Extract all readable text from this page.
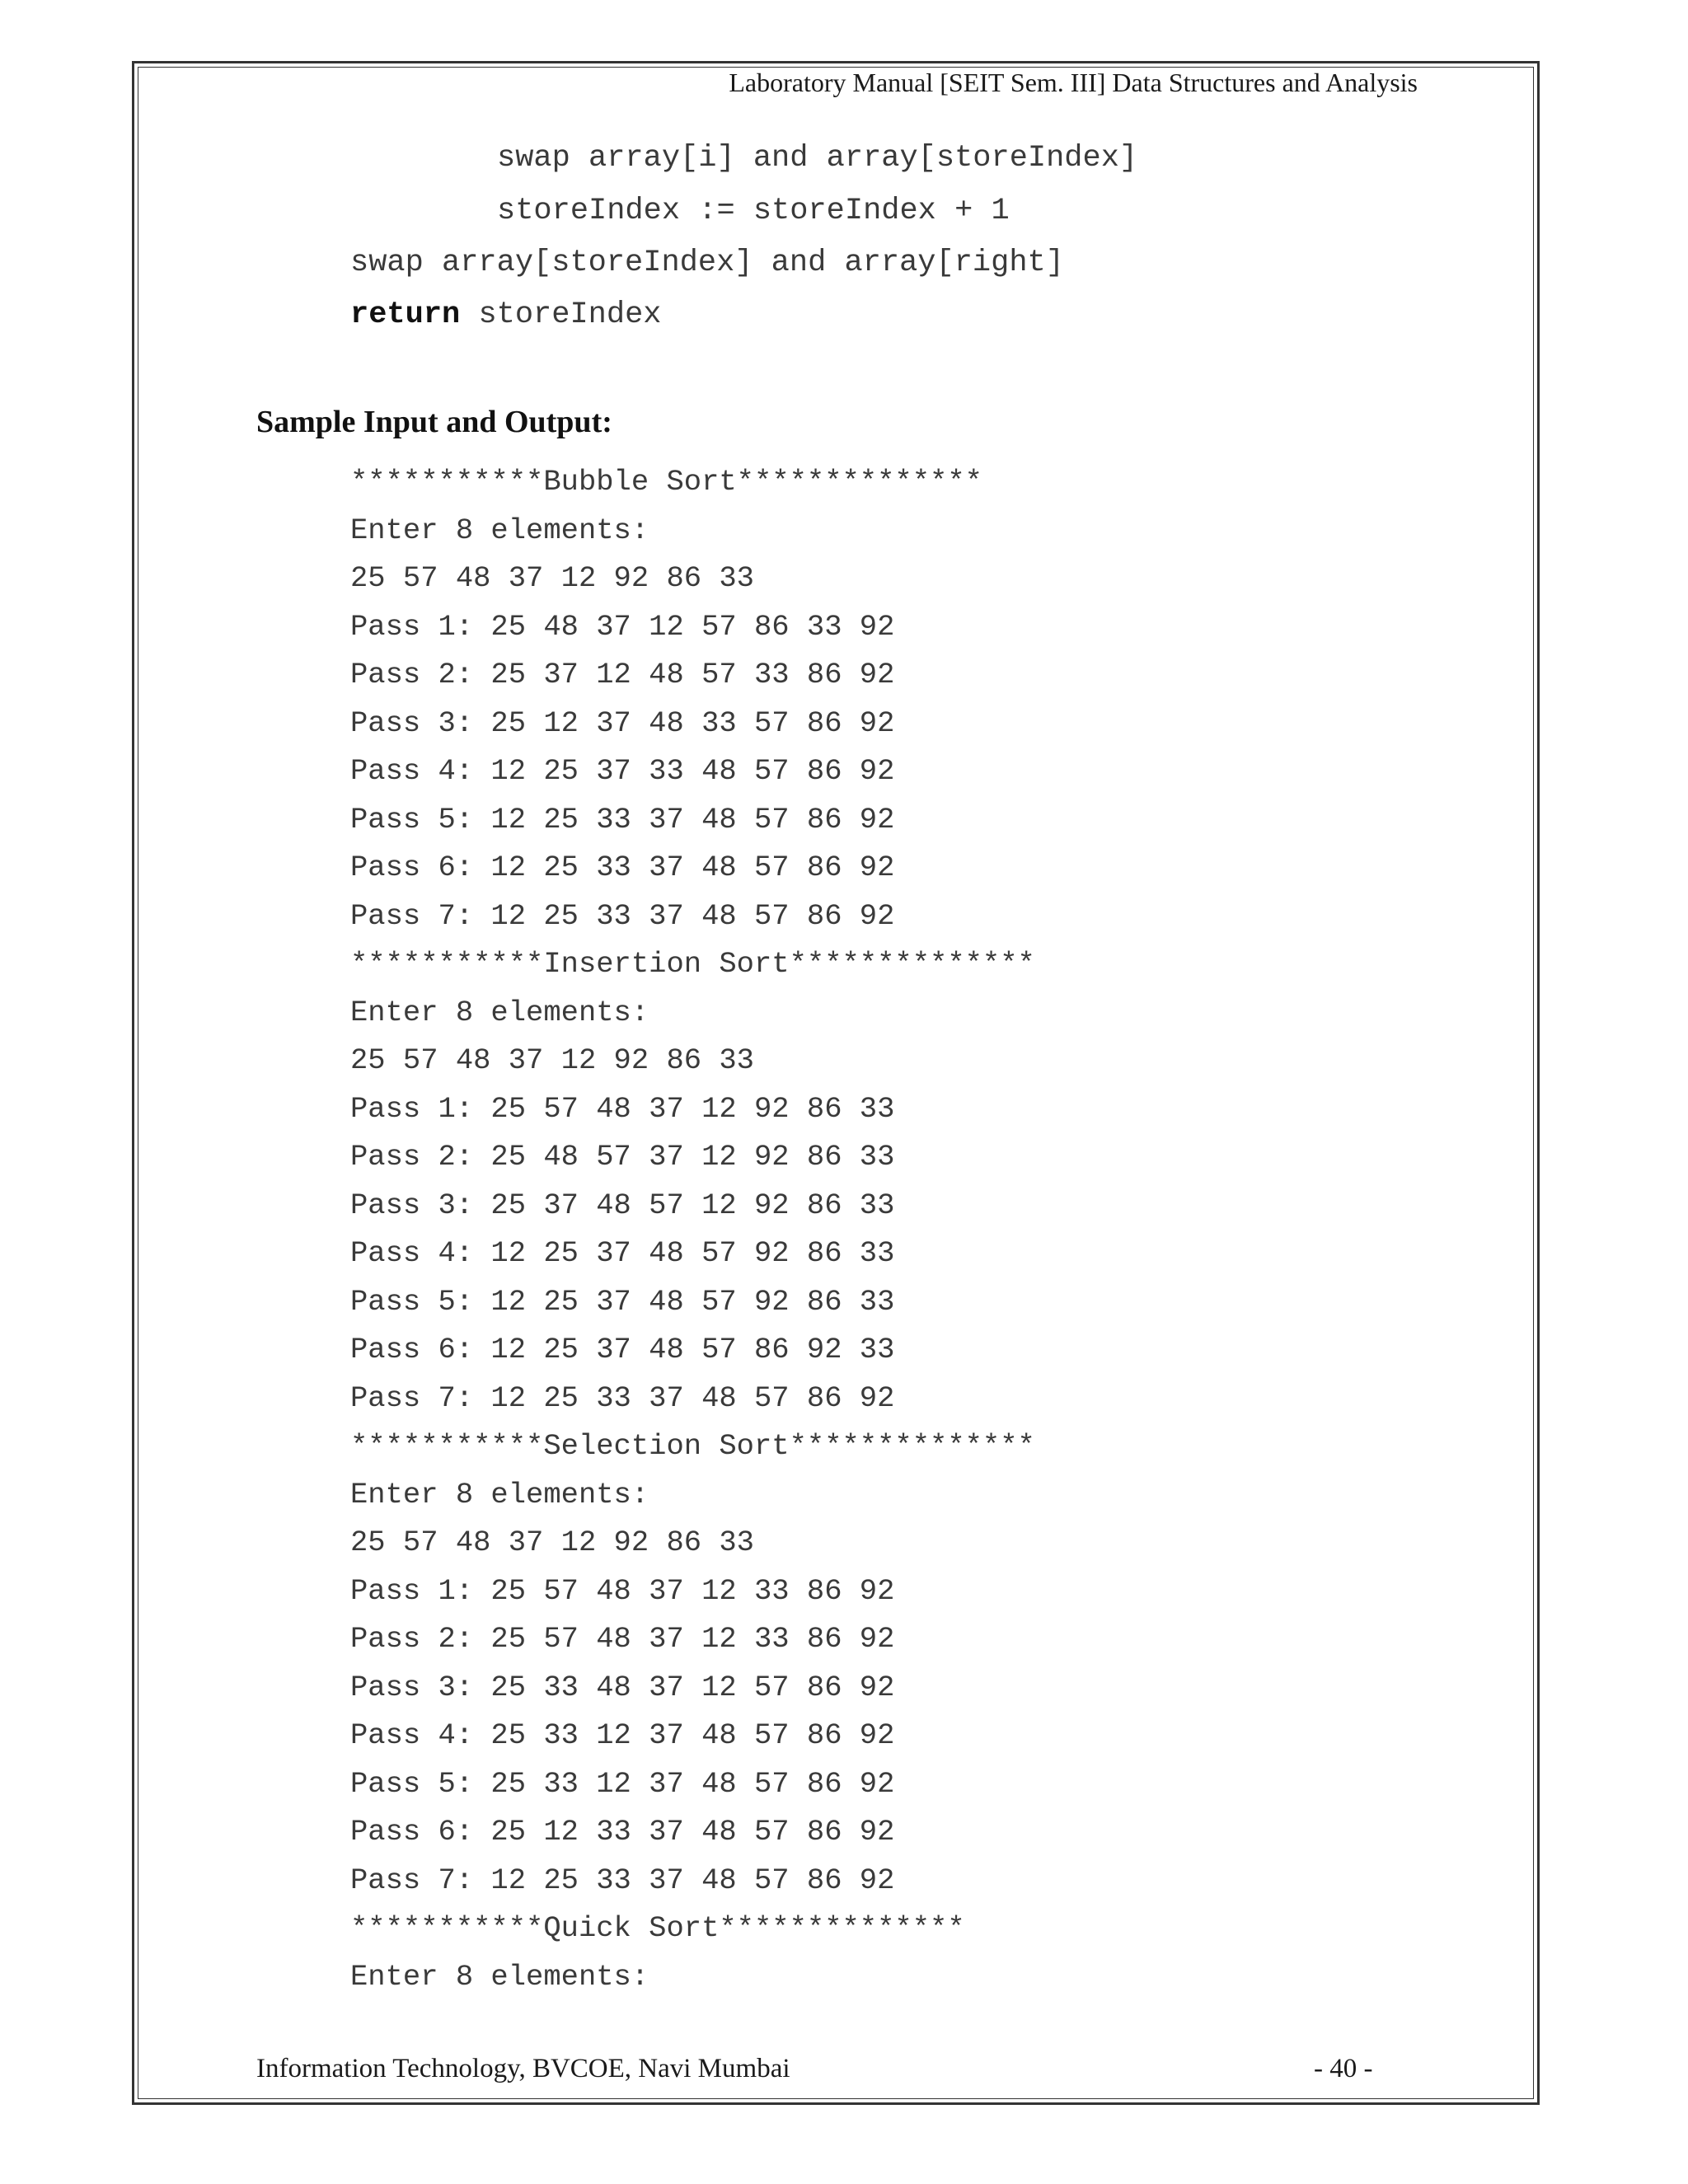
Laboratory Manual [SEIT Sem. III] Data Structures and Analysis
swap array[i] and array[storeIndex]
storeIndex := storeIndex + 1
swap array[storeIndex] and array[right]
return storeIndex
Sample Input and Output:
***********Bubble Sort**************
Enter 8 elements:
25 57 48 37 12 92 86 33
Pass 1: 25 48 37 12 57 86 33 92
Pass 2: 25 37 12 48 57 33 86 92
Pass 3: 25 12 37 48 33 57 86 92
Pass 4: 12 25 37 33 48 57 86 92
Pass 5: 12 25 33 37 48 57 86 92
Pass 6: 12 25 33 37 48 57 86 92
Pass 7: 12 25 33 37 48 57 86 92
***********Insertion Sort**************
Enter 8 elements:
25 57 48 37 12 92 86 33
Pass 1: 25 57 48 37 12 92 86 33
Pass 2: 25 48 57 37 12 92 86 33
Pass 3: 25 37 48 57 12 92 86 33
Pass 4: 12 25 37 48 57 92 86 33
Pass 5: 12 25 37 48 57 92 86 33
Pass 6: 12 25 37 48 57 86 92 33
Pass 7: 12 25 33 37 48 57 86 92
***********Selection Sort**************
Enter 8 elements:
25 57 48 37 12 92 86 33
Pass 1: 25 57 48 37 12 33 86 92
Pass 2: 25 57 48 37 12 33 86 92
Pass 3: 25 33 48 37 12 57 86 92
Pass 4: 25 33 12 37 48 57 86 92
Pass 5: 25 33 12 37 48 57 86 92
Pass 6: 25 12 33 37 48 57 86 92
Pass 7: 12 25 33 37 48 57 86 92
***********Quick Sort**************
Enter 8 elements:
Information Technology, BVCOE, Navi Mumbai	- 40 -
